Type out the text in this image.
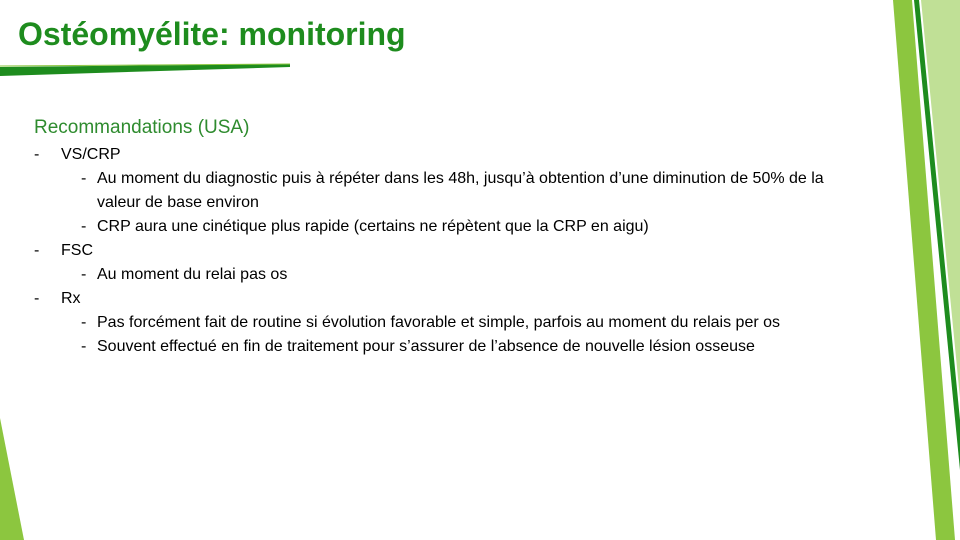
Ostéomyélite: monitoring
Recommandations (USA)
-	VS/CRP
- Au moment du diagnostic puis à répéter dans les 48h, jusqu’à obtention d’une diminution de 50% de la valeur de base environ
- CRP aura une cinétique plus rapide (certains ne répètent que la CRP en aigu)
-	FSC
- Au moment du relai pas os
-	Rx
- Pas forcément fait de routine si évolution favorable et simple, parfois au moment du relais per os
- Souvent effectué en fin de traitement pour s’assurer de l’absence de nouvelle lésion osseuse
